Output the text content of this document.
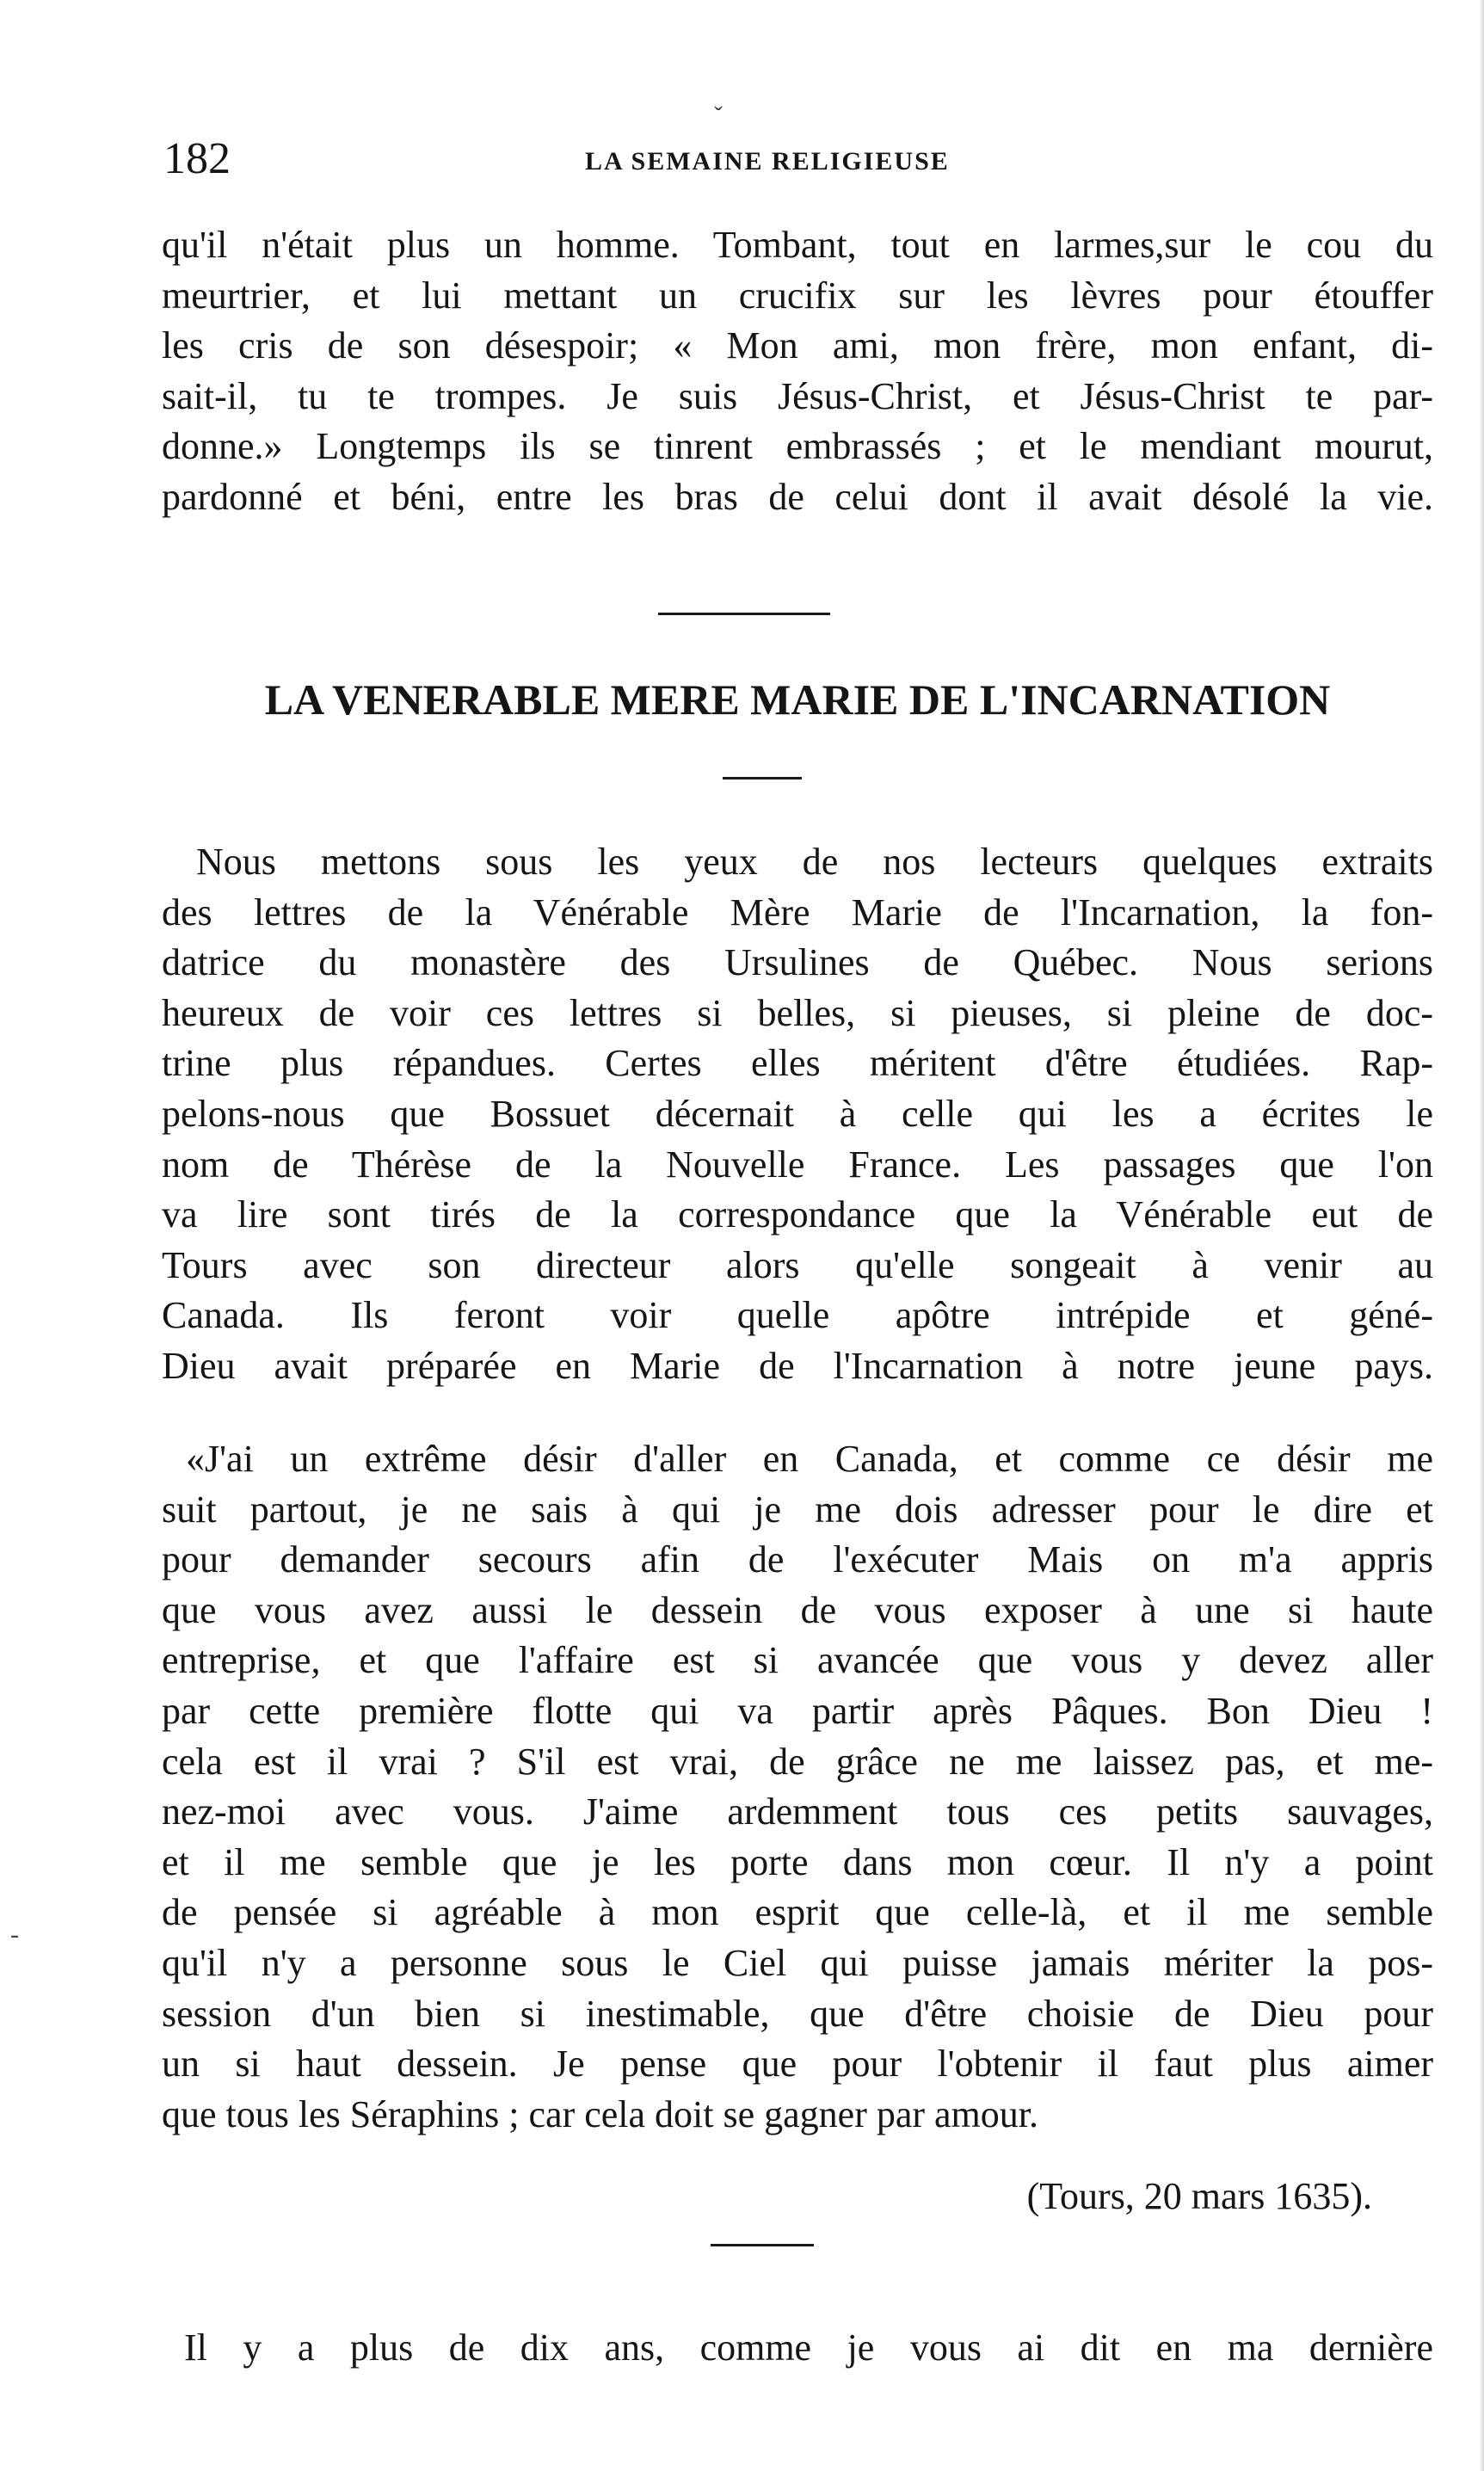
182	LA SEMAINE RELIGIEUSE
qu'il n'était plus un homme. Tombant, tout en larmes,sur le cou du
meurtrier, et lui mettant un crucifix sur les lèvres pour étouffer
les cris de son désespoir; « Mon ami, mon frère, mon enfant, di-
sait-il, tu te trompes. Je suis Jésus-Christ, et Jésus-Christ te par-
donne.» Longtemps ils se tinrent embrassés ; et le mendiant mourut,
pardonné et béni, entre les bras de celui dont il avait désolé la vie.
LA VENERABLE MERE MARIE DE L'INCARNATION
Nous mettons sous les yeux de nos lecteurs quelques extraits
des lettres de la Vénérable Mère Marie de l'Incarnation, la fon-
datrice du monastère des Ursulines de Québec. Nous serions
heureux de voir ces lettres si belles, si pieuses, si pleine de doc-
trine plus répandues. Certes elles méritent d'être étudiées. Rap-
pelons-nous que Bossuet décernait à celle qui les a écrites le
nom de Thérèse de la Nouvelle France. Les passages que l'on
va lire sont tirés de la correspondance que la Vénérable eut de
Tours avec son directeur alors qu'elle songeait à venir au
Canada. Ils feront voir quelle apôtre intrépide et géné-
Dieu avait préparée en Marie de l'Incarnation à notre jeune pays.
«J'ai un extrême désir d'aller en Canada, et comme ce désir me
suit partout, je ne sais à qui je me dois adresser pour le dire et
pour demander secours afin de l'exécuter Mais on m'a appris
que vous avez aussi le dessein de vous exposer à une si haute
entreprise, et que l'affaire est si avancée que vous y devez aller
par cette première flotte qui va partir après Pâques. Bon Dieu !
cela est il vrai ? S'il est vrai, de grâce ne me laissez pas, et me-
nez-moi avec vous. J'aime ardemment tous ces petits sauvages,
et il me semble que je les porte dans mon cœur. Il n'y a point
de pensée si agréable à mon esprit que celle-là, et il me semble
qu'il n'y a personne sous le Ciel qui puisse jamais mériter la pos-
session d'un bien si inestimable, que d'être choisie de Dieu pour
un si haut dessein. Je pense que pour l'obtenir il faut plus aimer
que tous les Séraphins ; car cela doit se gagner par amour.
(Tours, 20 mars 1635).
Il y a plus de dix ans, comme je vous ai dit en ma dernière
-
ˇ
